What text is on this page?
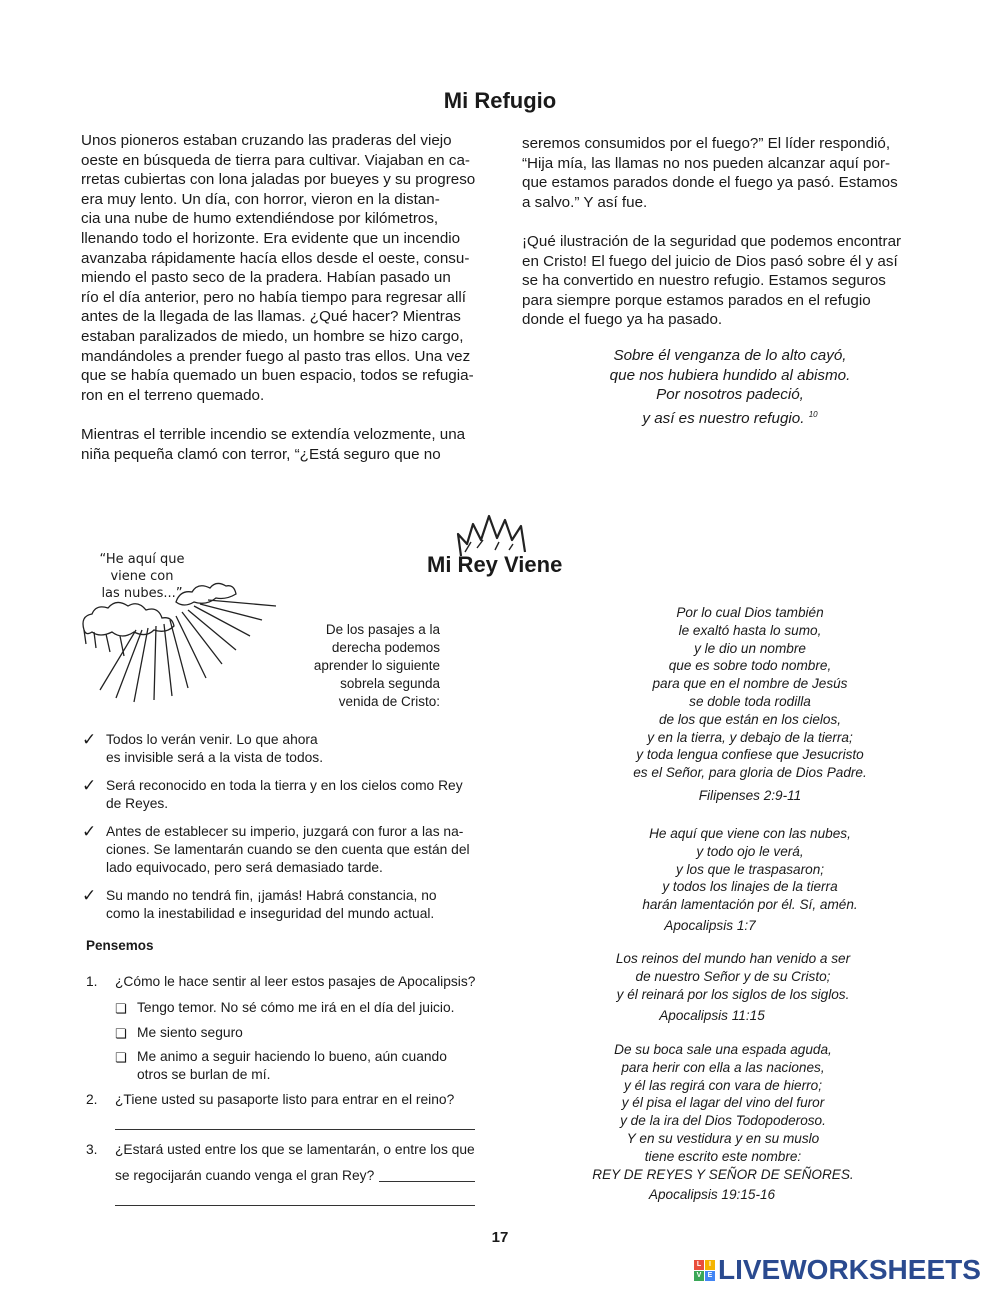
Mi Refugio

Unos pioneros estaban cruzando las praderas del viejo
oeste en búsqueda de tierra para cultivar. Viajaban en ca-
rretas cubiertas con lona jaladas por bueyes y su progreso
era muy lento. Un día, con horror, vieron en la distan-
cia una nube de humo extendiéndose por kilómetros,
llenando todo el horizonte. Era evidente que un incendio
avanzaba rápidamente hacía ellos desde el oeste, consu-
miendo el pasto seco de la pradera. Habían pasado un
río el día anterior, pero no había tiempo para regresar allí
antes de la llegada de las llamas. ¿Qué hacer? Mientras
estaban paralizados de miedo, un hombre se hizo cargo,
mandándoles a prender fuego al pasto tras ellos. Una vez
que se había quemado un buen espacio, todos se refugia-
ron en el terreno quemado.

Mientras el terrible incendio se extendía velozmente, una
niña pequeña clamó con terror, “¿Está seguro que no

seremos consumidos por el fuego?” El líder respondió,
“Hija mía, las llamas no nos pueden alcanzar aquí por-
que estamos parados donde el fuego ya pasó. Estamos
a salvo.” Y así fue.

¡Qué ilustración de la seguridad que podemos encontrar
en Cristo! El fuego del juicio de Dios pasó sobre él y así
se ha convertido en nuestro refugio. Estamos seguros
para siempre porque estamos parados en el refugio
donde el fuego ya ha pasado.

Sobre él venganza de lo alto cayó,
que nos hubiera hundido al abismo.
Por nosotros padeció,
y así es nuestro refugio. $^{10}$
Mi Rey Viene
“He aquí que
viene con
las nubes...”
De los pasajes a la
derecha podemos
aprender lo siguiente
sobrela segunda
venida de Cristo:
✓ Todos lo verán venir. Lo que ahora
es invisible será a la vista de todos.
✓ Será reconocido en toda la tierra y en los cielos como Rey
de Reyes.
✓ Antes de establecer su imperio, juzgará con furor a las na-
ciones. Se lamentarán cuando se den cuenta que están del
lado equivocado, pero será demasiado tarde.
✓ Su mando no tendrá fin, ¡jamás! Habrá constancia, no
como la inestabilidad e inseguridad del mundo actual.
Pensemos
1. ¿Cómo le hace sentir al leer estos pasajes de Apocalipsis?
❏ Tengo temor. No sé cómo me irá en el día del juicio.
❏ Me siento seguro
❏ Me animo a seguir haciendo lo bueno, aún cuando
otros se burlan de mí.
2. ¿Tiene usted su pasaporte listo para entrar en el reino?
3. ¿Estará usted entre los que se lamentarán, o entre los que
se regocijarán cuando venga el gran Rey?
Por lo cual Dios también
le exaltó hasta lo sumo,
y le dio un nombre
que es sobre todo nombre,
para que en el nombre de Jesús
se doble toda rodilla
de los que están en los cielos,
y en la tierra, y debajo de la tierra;
y toda lengua confiese que Jesucristo
es el Señor, para gloria de Dios Padre.
Filipenses 2:9-11
He aquí que viene con las nubes,
y todo ojo le verá,
y los que le traspasaron;
y todos los linajes de la tierra
harán lamentación por él. Sí, amén.
Apocalipsis 1:7
Los reinos del mundo han venido a ser
de nuestro Señor y de su Cristo;
y él reinará por los siglos de los siglos.
Apocalipsis 11:15
De su boca sale una espada aguda,
para herir con ella a las naciones,
y él las regirá con vara de hierro;
y él pisa el lagar del vino del furor
y de la ira del Dios Todopoderoso.
Y en su vestidura y en su muslo
tiene escrito este nombre:
REY DE REYES Y SEÑOR DE SEÑORES.
Apocalipsis 19:15-16
17
L	I
V E LIVEWORKSHEETS
